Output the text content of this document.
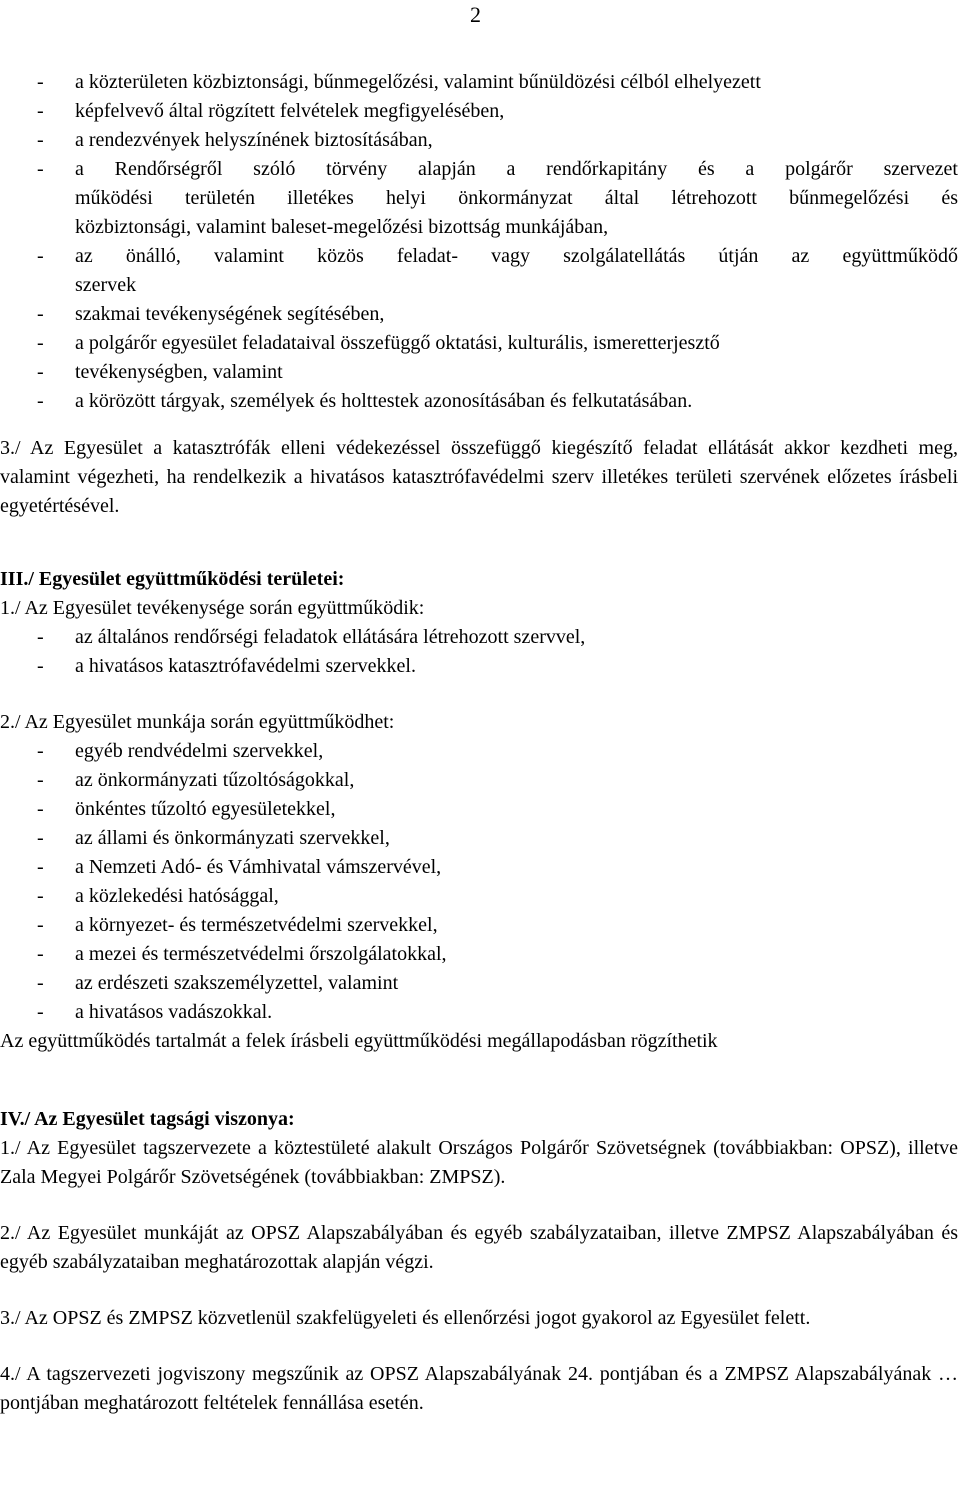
2
-	a közterületen közbiztonsági, bűnmegelőzési, valamint bűnüldözési célból elhelyezett
-	képfelvevő által rögzített felvételek megfigyelésében,
-	a rendezvények helyszínének biztosításában,
-	a Rendőrségről szóló törvény alapján a rendőrkapitány és a polgárőr szervezet
működési területén illetékes helyi önkormányzat által létrehozott bűnmegelőzési és
közbiztonsági, valamint baleset-megelőzési bizottság munkájában,
-	az önálló, valamint közös feladat- vagy szolgálatellátás útján az együttműködő
szervek
-	szakmai tevékenységének segítésében,
-	a polgárőr egyesület feladataival összefüggő oktatási, kulturális, ismeretterjesztő
-	tevékenységben, valamint
-	a körözött tárgyak, személyek és holttestek azonosításában és felkutatásában.

3./ Az Egyesület a katasztrófák elleni védekezéssel összefüggő kiegészítő feladat ellátását akkor kezdheti meg, valamint végezheti, ha rendelkezik a hivatásos katasztrófavédelmi szerv illetékes területi szervének előzetes írásbeli egyetértésével.

III./ Egyesület együttműködési területei:

1./ Az Egyesület tevékenysége során együttműködik:

-	az általános rendőrségi feladatok ellátására létrehozott szervvel,
-	a hivatásos katasztrófavédelmi szervekkel.

2./ Az Egyesület munkája során együttműködhet:

-	egyéb rendvédelmi szervekkel,
-	az önkormányzati tűzoltóságokkal,
-	önkéntes tűzoltó egyesületekkel,
-	az állami és önkormányzati szervekkel,
-	a Nemzeti Adó- és Vámhivatal vámszervével,
-	a közlekedési hatósággal,
-	a környezet- és természetvédelmi szervekkel,
-	a mezei és természetvédelmi őrszolgálatokkal,
-	az erdészeti szakszemélyzettel, valamint
-	a hivatásos vadászokkal.

Az együttműködés tartalmát a felek írásbeli együttműködési megállapodásban rögzíthetik

IV./ Az Egyesület tagsági viszonya:

1./ Az Egyesület tagszervezete a köztestületé alakult Országos Polgárőr Szövetségnek (továbbiakban: OPSZ), illetve Zala Megyei Polgárőr Szövetségének (továbbiakban: ZMPSZ).

2./ Az Egyesület munkáját az OPSZ Alapszabályában és egyéb szabályzataiban, illetve ZMPSZ Alapszabályában és egyéb szabályzataiban meghatározottak alapján végzi.

3./ Az OPSZ és ZMPSZ közvetlenül szakfelügyeleti és ellenőrzési jogot gyakorol az Egyesület felett.

4./ A tagszervezeti jogviszony megszűnik az OPSZ Alapszabályának 24. pontjában és a ZMPSZ Alapszabályának … pontjában meghatározott feltételek fennállása esetén.
